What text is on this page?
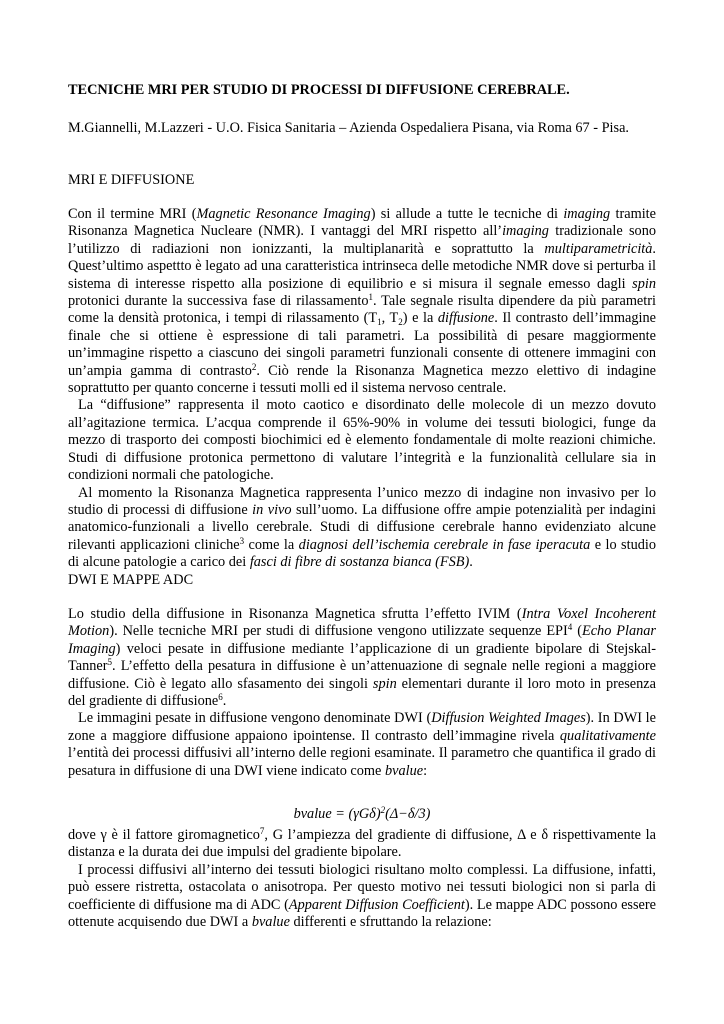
TECNICHE MRI PER STUDIO DI PROCESSI DI DIFFUSIONE CEREBRALE.

M.Giannelli, M.Lazzeri - U.O. Fisica Sanitaria – Azienda Ospedaliera Pisana, via Roma 67 - Pisa.

MRI E DIFFUSIONE

Con il termine MRI (Magnetic Resonance Imaging) si allude a tutte le tecniche di imaging tramite Risonanza Magnetica Nucleare (NMR). I vantaggi del MRI rispetto all’imaging tradizionale sono l’utilizzo di radiazioni non ionizzanti, la multiplanarità e soprattutto la multiparametricità. Quest’ultimo aspettto è legato ad una caratteristica intrinseca delle metodiche NMR dove si perturba il sistema di interesse rispetto alla posizione di equilibrio e si misura il segnale emesso dagli spin protonici durante la successiva fase di rilassamento$^1$. Tale segnale risulta dipendere da più parametri come la densità protonica, i tempi di rilassamento ($T_1$, $T_2$) e la diffusione. Il contrasto dell’immagine finale che si ottiene è espressione di tali parametri. La possibilità di pesare maggiormente un’immagine rispetto a ciascuno dei singoli parametri funzionali consente di ottenere immagini con un’ampia gamma di contrasto$^2$. Ciò rende la Risonanza Magnetica mezzo elettivo di indagine soprattutto per quanto concerne i tessuti molli ed il sistema nervoso centrale.

La “diffusione” rappresenta il moto caotico e disordinato delle molecole di un mezzo dovuto all’agitazione termica. L’acqua comprende il 65%-90% in volume dei tessuti biologici, funge da mezzo di trasporto dei composti biochimici ed è elemento fondamentale di molte reazioni chimiche. Studi di diffusione protonica permettono di valutare l’integrità e la funzionalità cellulare sia in condizioni normali che patologiche.

Al momento la Risonanza Magnetica rappresenta l’unico mezzo di indagine non invasivo per lo studio di processi di diffusione in vivo sull’uomo. La diffusione offre ampie potenzialità per indagini anatomico-funzionali a livello cerebrale. Studi di diffusione cerebrale hanno evidenziato alcune rilevanti applicazioni cliniche$^3$ come la diagnosi dell’ischemia cerebrale in fase iperacuta e lo studio di alcune patologie a carico dei fasci di fibre di sostanza bianca (FSB).

DWI E MAPPE ADC

Lo studio della diffusione in Risonanza Magnetica sfrutta l’effetto IVIM (Intra Voxel Incoherent Motion). Nelle tecniche MRI per studi di diffusione vengono utilizzate sequenze EPI$^4$ (Echo Planar Imaging) veloci pesate in diffusione mediante l’applicazione di un gradiente bipolare di Stejskal-Tanner$^5$. L’effetto della pesatura in diffusione è un’attenuazione di segnale nelle regioni a maggiore diffusione. Ciò è legato allo sfasamento dei singoli spin elementari durante il loro moto in presenza del gradiente di diffusione$^6$.

Le immagini pesate in diffusione vengono denominate DWI (Diffusion Weighted Images). In DWI le zone a maggiore diffusione appaiono ipointense. Il contrasto dell’immagine rivela qualitativamente l’entità dei processi diffusivi all’interno delle regioni esaminate. Il parametro che quantifica il grado di pesatura in diffusione di una DWI viene indicato come bvalue:

bvalue = $(\gamma G\delta)^2(\Delta-\delta/3)$

dove γ è il fattore giromagnetico$^7$, G l’ampiezza del gradiente di diffusione, Δ e δ rispettivamente la distanza e la durata dei due impulsi del gradiente bipolare.

I processi diffusivi all’interno dei tessuti biologici risultano molto complessi. La diffusione, infatti, può essere ristretta, ostacolata o anisotropa. Per questo motivo nei tessuti biologici non si parla di coefficiente di diffusione ma di ADC (Apparent Diffusion Coefficient). Le mappe ADC possono essere ottenute acquisendo due DWI a bvalue differenti e sfruttando la relazione:
